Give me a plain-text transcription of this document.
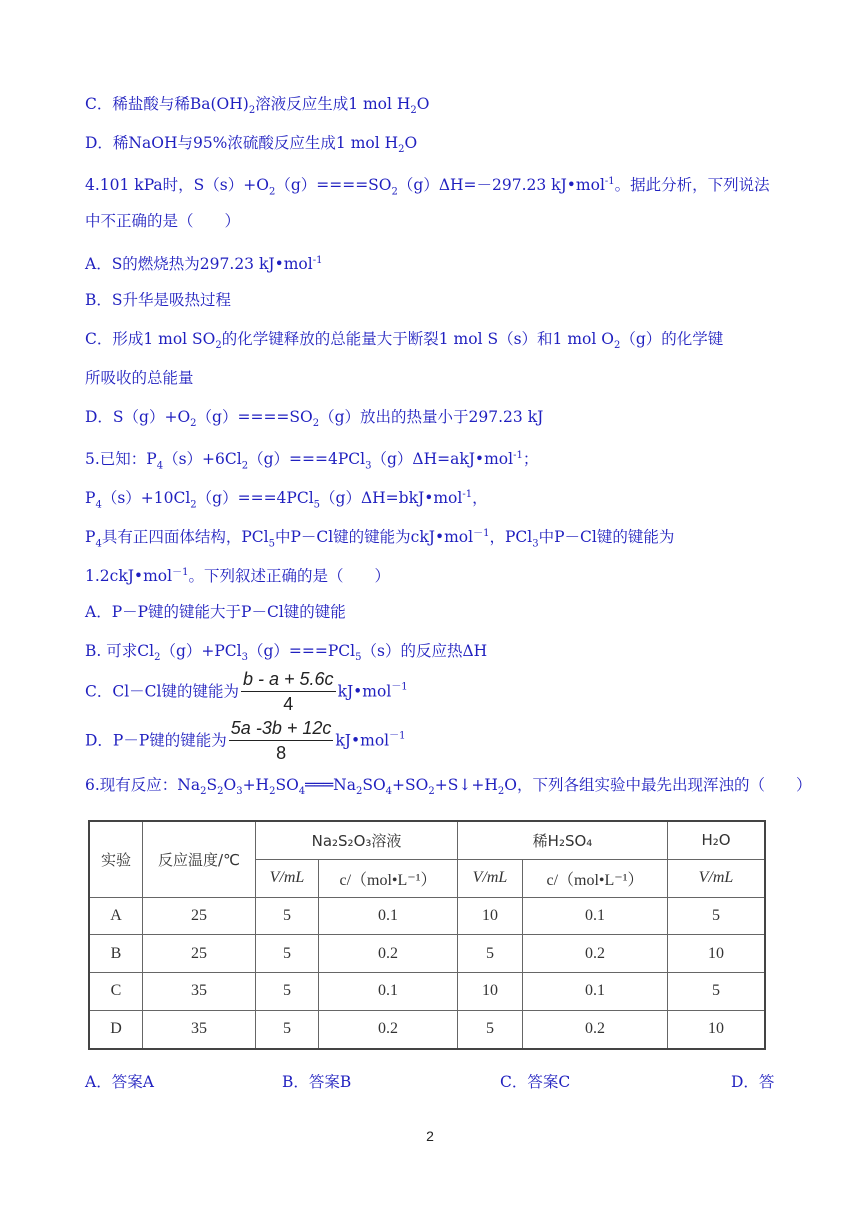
C．稀盐酸与稀$Ba(OH)_2$溶液反应生成1 mol $H_2O$
D．稀NaOH与95%浓硫酸反应生成1 mol $H_2O$
4.101 kPa时，$S(s)+O_2(g)====SO_2(g)\Delta H=-297.23$ kJ•mol$^{-1}$。据此分析，下列说法
中不正确的是（　　）
A．S的燃烧热为297.23 kJ•mol$^{-1}$
B．S升华是吸热过程
C．形成1 mol $SO_2$的化学键释放的总能量大于断裂1 mol S（s）和1 mol $O_2(g)$的化学键
所吸收的总能量
D．$S(g)+O_2(g)====SO_2(g)$放出的热量小于297.23 kJ
5.已知：$P_4(s)+6Cl_2(g)===4PCl_3(g)\Delta H=akJ•mol^{-1}$；
$P_4(s)+10Cl_2(g)===4PCl_5(g)\Delta H=bkJ•mol^{-1}$，
$P_4$具有正四面体结构，PCl$_5$中P－Cl键的键能为ckJ•mol$^{-1}$，PCl$_3$中P－Cl键的键能为
1.2ckJ•mol$^{-1}$。下列叙述正确的是（　　）
A．P－P键的键能大于P－Cl键的键能
B. 可求$Cl_2(g)+PCl_3(g)===PCl_5(s)$的反应热ΔH
C．Cl－Cl键的键能为 $\frac{b - a + 5.6c}{4}$ kJ•mol$^{-1}$
D．P－P键的键能为 $\frac{5a -3b + 12c}{8}$ kJ•mol$^{-1}$
6.现有反应：$Na_2S_2O_3+H_2SO_4═══Na_2SO_4+SO_2+S↓+H_2O$，下列各组实验中最先出现浑浊的（　　）
实验	反应温度/℃	Na₂S₂O₃溶液		稀H₂SO₄		H₂O
		V/mL	c/（mol•L⁻¹）	V/mL	c/（mol•L⁻¹）	V/mL
A	25	5	0.1	10	0.1	5
B	25	5	0.2	5	0.2	10
C	35	5	0.1	10	0.1	5
D	35	5	0.2	5	0.2	10
A．答案A	B．答案B	C．答案C	D．答
2
